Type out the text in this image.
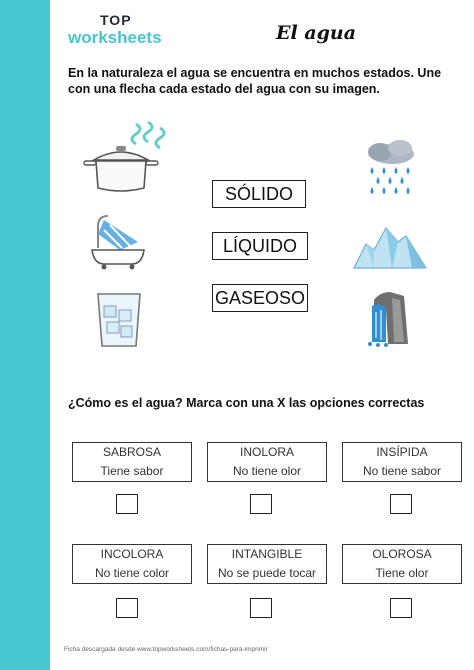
TOP
worksheets	El agua
En la naturaleza el agua se encuentra en muchos estados. Une con una flecha cada estado del agua con su imagen.
SÓLIDO
LÍQUIDO
GASEOSO
¿Cómo es el agua? Marca con una X las opciones correctas
SABROSA
Tiene sabor
INOLORA
No tiene olor
INSÍPIDA
No tiene sabor
INCOLORA
No tiene color
INTANGIBLE
No se puede tocar
OLOROSA
Tiene olor
Ficha descargada desde www.topworksheets.com/fichas-para-imprimir
